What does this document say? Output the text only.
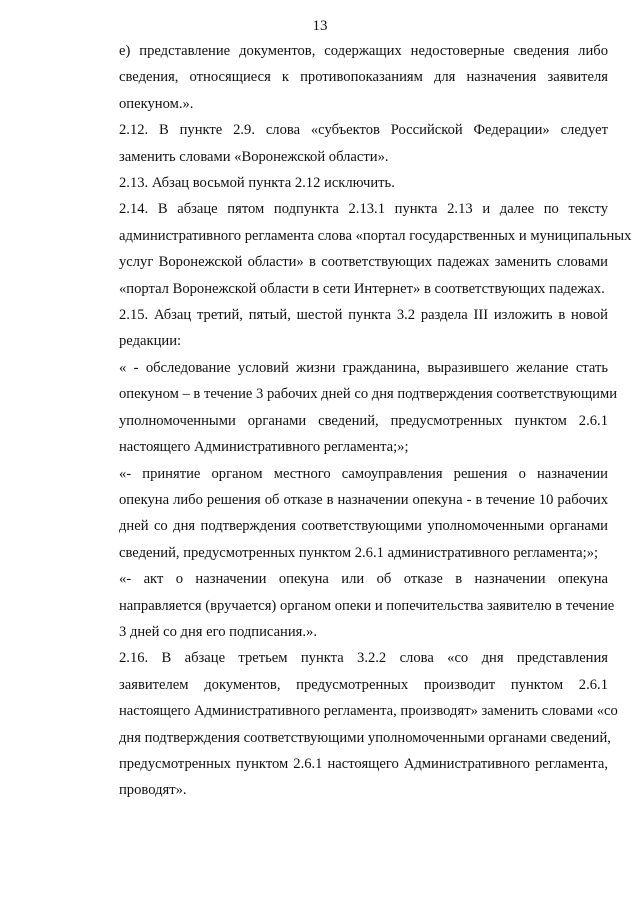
13
е) представление документов, содержащих недостоверные сведения либо
сведения, относящиеся к противопоказаниям для назначения заявителя
опекуном.».
2.12. В пункте 2.9. слова «субъектов Российской Федерации» следует
заменить словами «Воронежской области».
2.13. Абзац восьмой пункта 2.12 исключить.
2.14. В абзаце пятом подпункта 2.13.1 пункта 2.13 и далее по тексту
административного регламента слова «портал государственных и муниципальных
услуг Воронежской области» в соответствующих падежах заменить словами
«портал Воронежской области в сети Интернет» в соответствующих падежах.
2.15. Абзац третий, пятый, шестой пункта 3.2 раздела III изложить в новой
редакции:
« - обследование условий жизни гражданина, выразившего желание стать
опекуном – в течение 3 рабочих дней со дня подтверждения соответствующими
уполномоченными органами сведений, предусмотренных пунктом 2.6.1
настоящего Административного регламента;»;
«- принятие органом местного самоуправления решения о назначении
опекуна либо решения об отказе в назначении опекуна - в течение 10 рабочих
дней со дня подтверждения соответствующими уполномоченными органами
сведений, предусмотренных пунктом 2.6.1 административного регламента;»;
«- акт о назначении опекуна или об отказе в назначении опекуна
направляется (вручается) органом опеки и попечительства заявителю в течение
3 дней со дня его подписания.».
2.16. В абзаце третьем пункта 3.2.2 слова «со дня представления
заявителем документов, предусмотренных производит пунктом 2.6.1
настоящего Административного регламента, производят» заменить словами «со
дня подтверждения соответствующими уполномоченными органами сведений,
предусмотренных пунктом 2.6.1 настоящего Административного регламента,
проводят».
